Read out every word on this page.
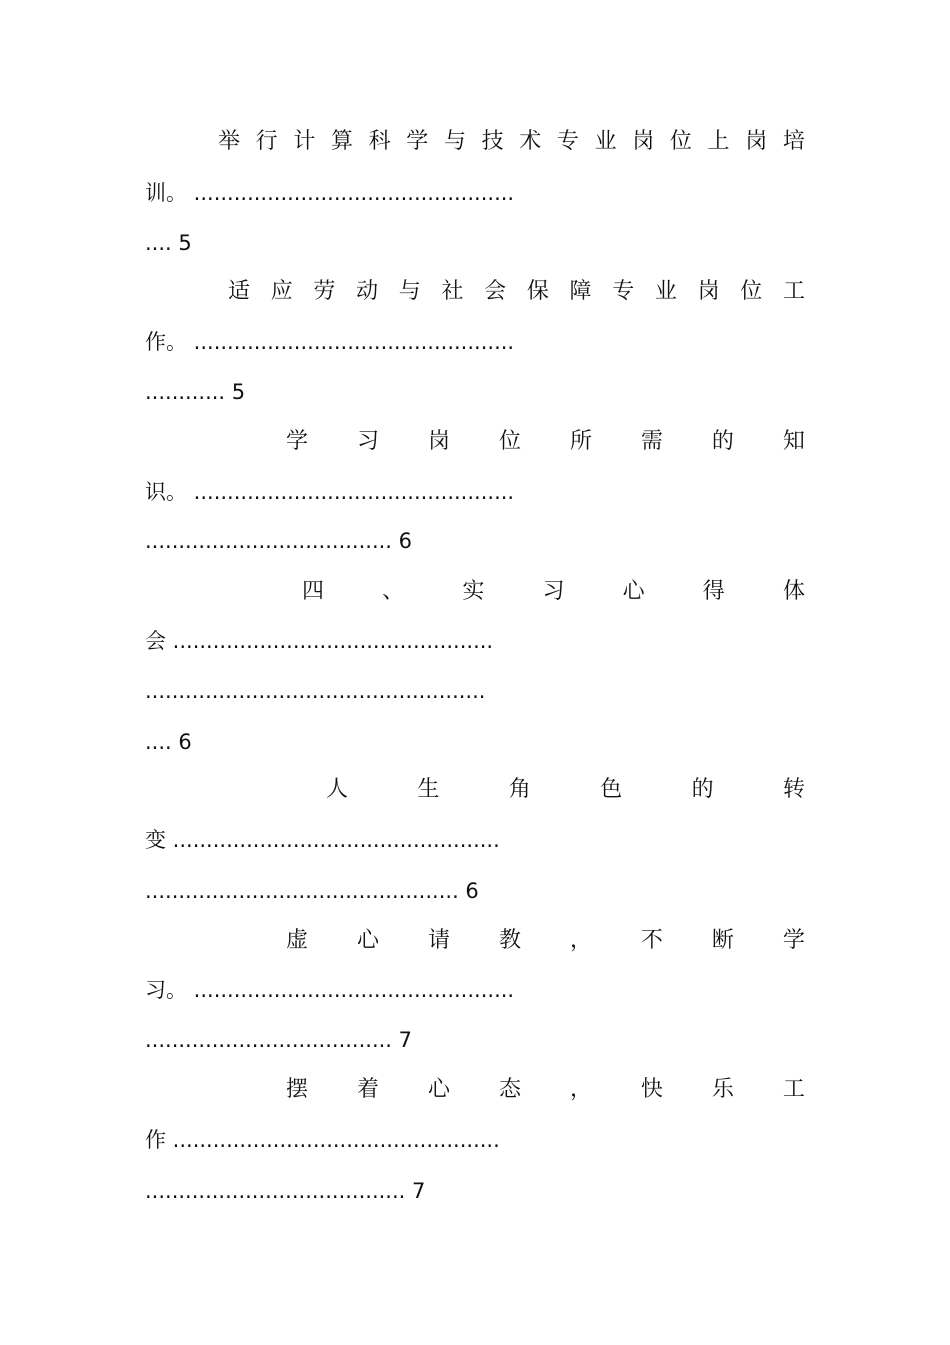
举 行 计 算 科 学 与 技 术 专 业 岗 位 上 岗 培
训。 ................................................
.... 5
适 应 劳 动 与 社 会 保 障 专 业 岗 位 工
作。 ................................................
............ 5
学 习 岗 位 所 需 的 知
识。 ................................................
..................................... 6
四	、	实	习	心	得	体
会 ................................................
...................................................
.... 6
人	生	角	色	的	转
变 .................................................
............................................... 6
虚 心 请 教 ， 不 断 学
习。 ................................................
..................................... 7
摆 着 心 态 ， 快 乐 工
作 .................................................
....................................... 7
